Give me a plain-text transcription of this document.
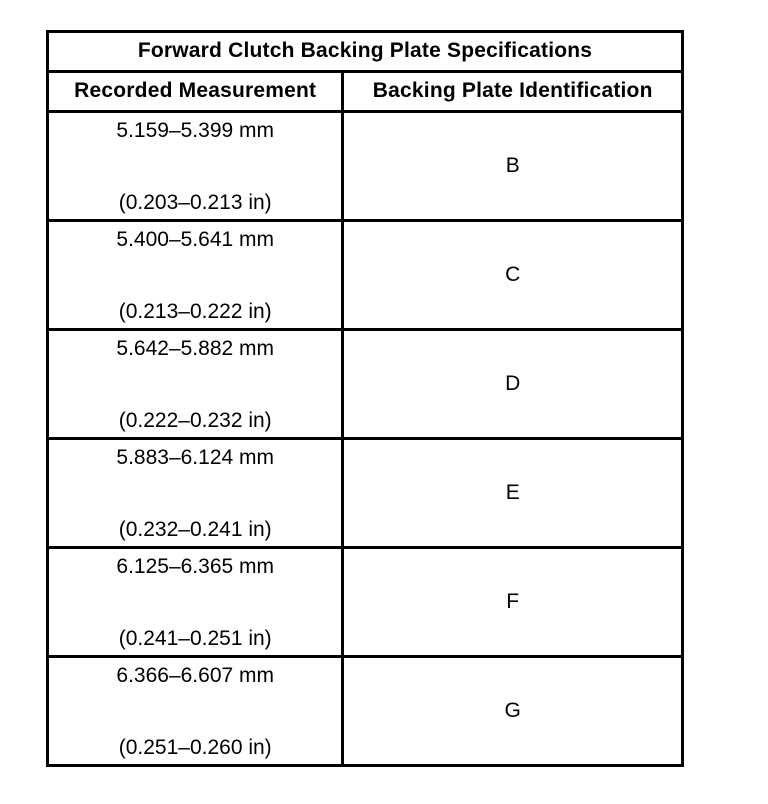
Forward Clutch Backing Plate Specifications	
Recorded Measurement	Backing Plate Identification

5.159–5.399 mm
(0.203–0.213 in)	B

5.400–5.641 mm
(0.213–0.222 in)	C

5.642–5.882 mm
(0.222–0.232 in)	D

5.883–6.124 mm
(0.232–0.241 in)	E

6.125–6.365 mm
(0.241–0.251 in)	F

6.366–6.607 mm
(0.251–0.260 in)	G
